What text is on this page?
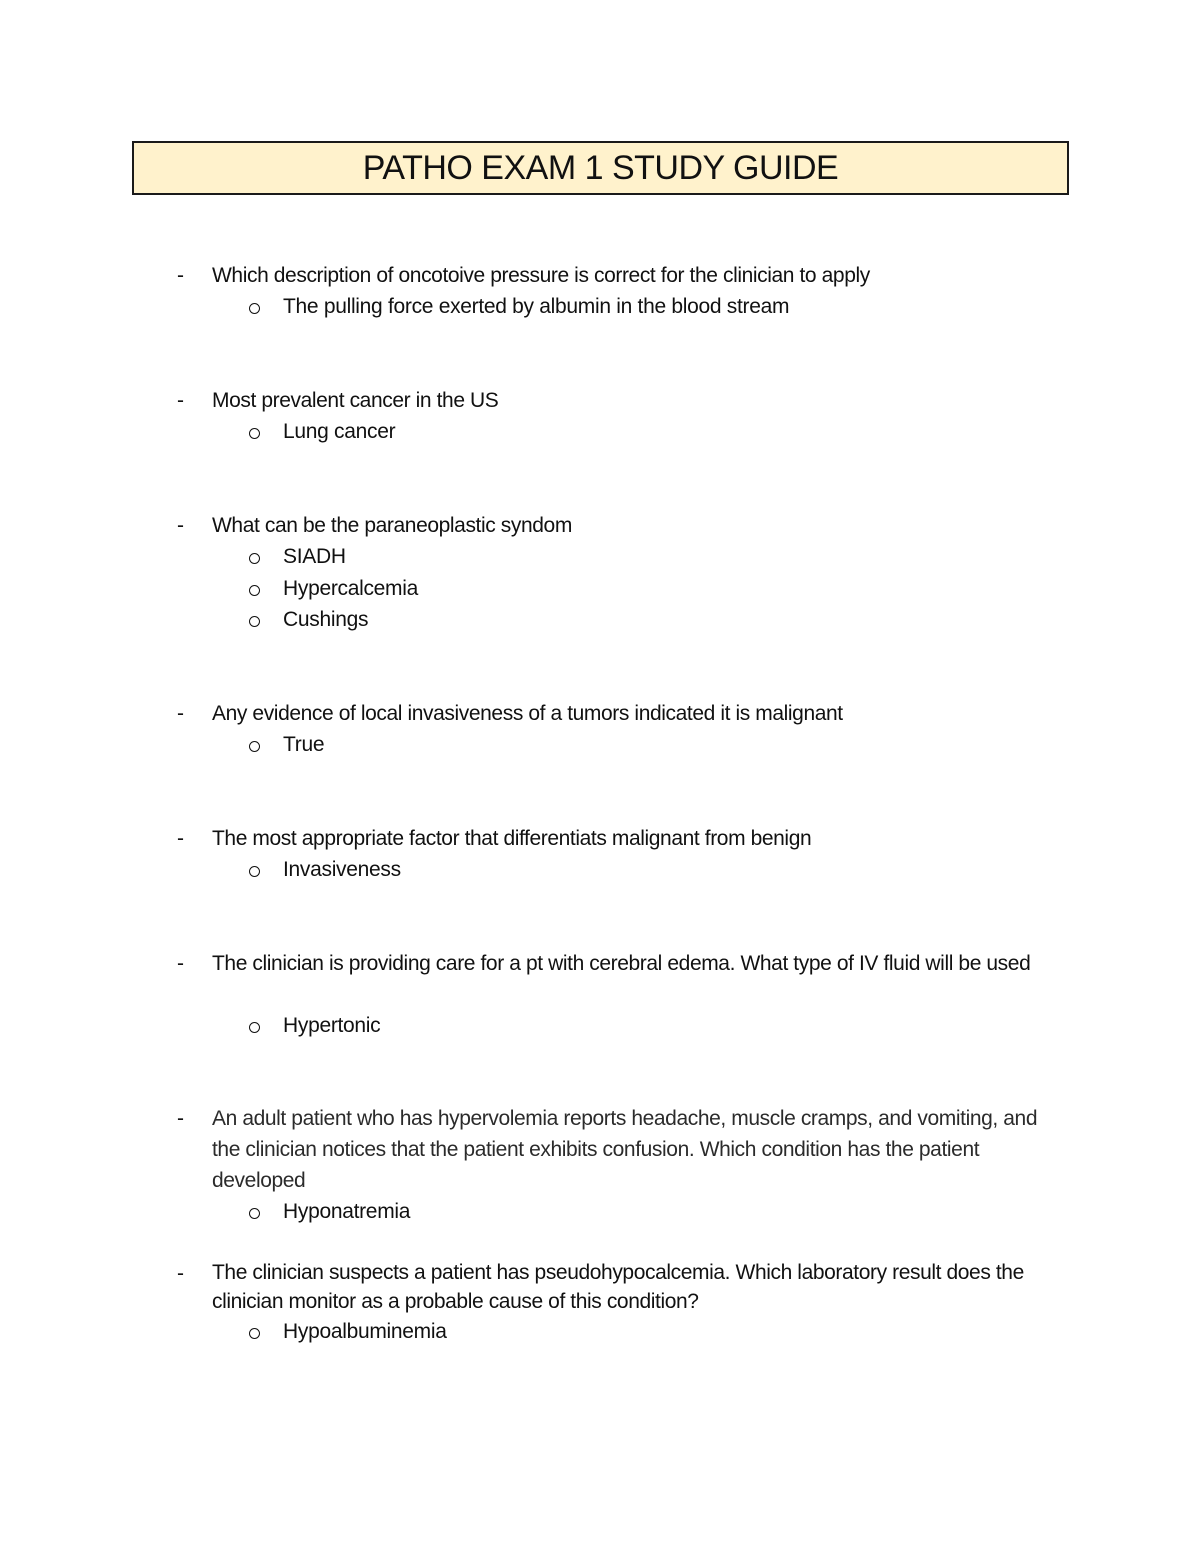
PATHO EXAM 1 STUDY GUIDE
- Which description of oncotoive pressure is correct for the clinician to apply
The pulling force exerted by albumin in the blood stream
- Most prevalent cancer in the US
Lung cancer
- What can be the paraneoplastic syndom
SIADH
Hypercalcemia
Cushings
- Any evidence of local invasiveness of a tumors indicated it is malignant
True
- The most appropriate factor that differentiats malignant from benign
Invasiveness
- The clinician is providing care for a pt with cerebral edema. What type of IV fluid will be used
Hypertonic
- An adult patient who has hypervolemia reports headache, muscle cramps, and vomiting, and the clinician notices that the patient exhibits confusion. Which condition has the patient developed
Hyponatremia
- The clinician suspects a patient has pseudohypocalcemia. Which laboratory result does the clinician monitor as a probable cause of this condition?
Hypoalbuminemia
